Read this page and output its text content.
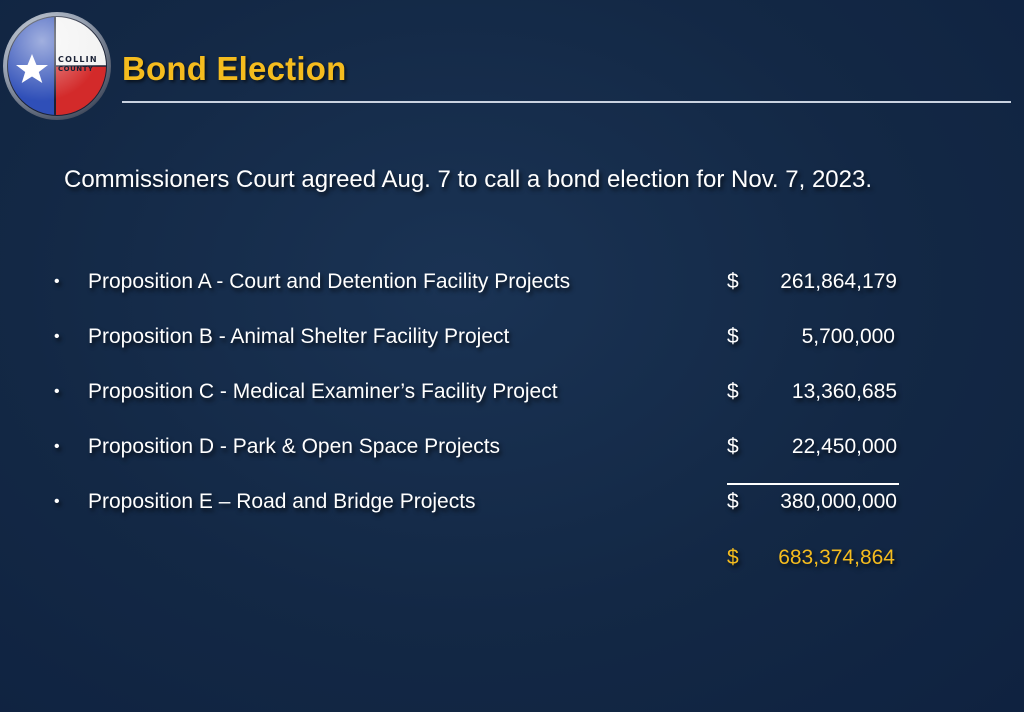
COLLIN
COUNTY Bond Election
Commissioners Court agreed Aug. 7 to call a bond election for Nov. 7, 2023.
• Proposition A - Court and Detention Facility Projects	$ 261,864,179
• Proposition B - Animal Shelter Facility Project	$	5,700,000
• Proposition C - Medical Examiner’s Facility Project	$	13,360,685
• Proposition D - Park & Open Space Projects	$	22,450,000
• Proposition E – Road and Bridge Projects	$ 380,000,000
$ 683,374,864
